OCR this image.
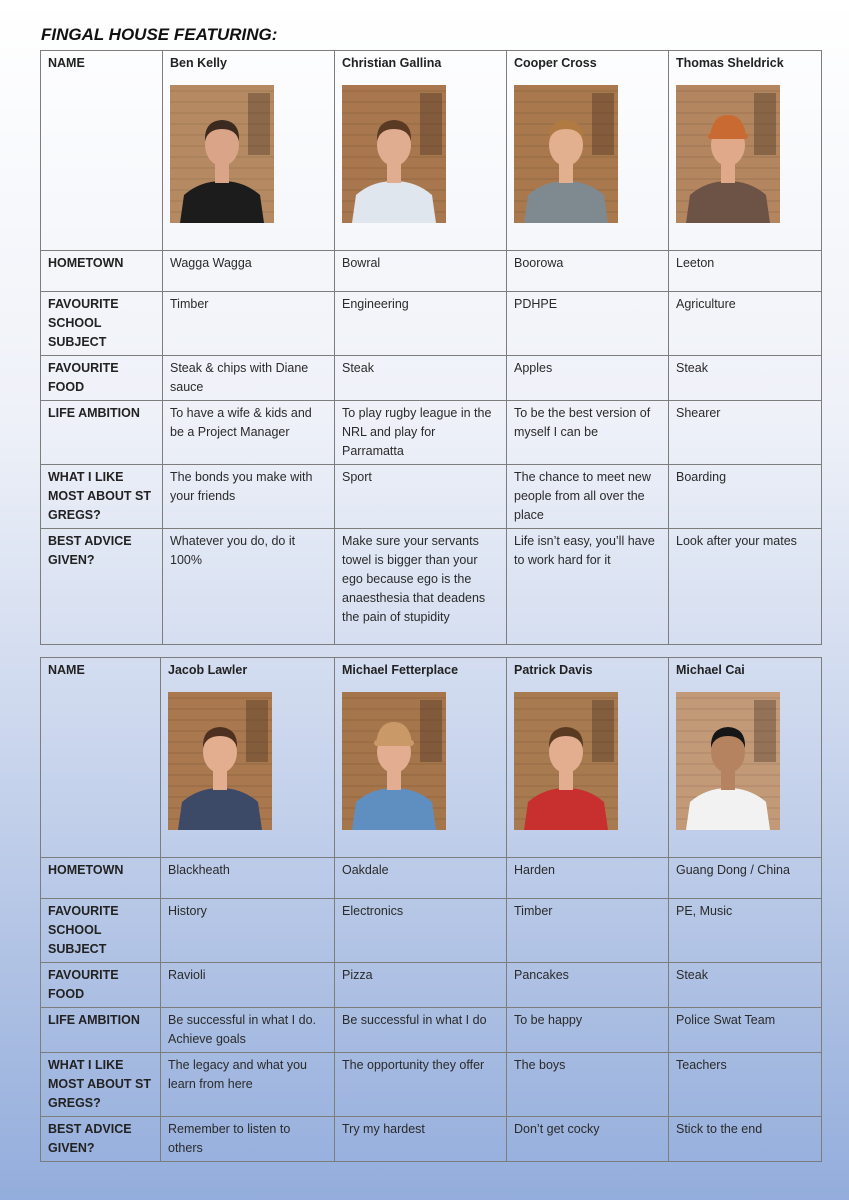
FINGAL HOUSE FEATURING:
NAME	Ben Kelly	Christian Gallina	Cooper Cross	Thomas Sheldrick

HOMETOWN	Wagga Wagga	Bowral	Boorowa	Leeton
FAVOURITE SCHOOL SUBJECT	Timber	Engineering	PDHPE	Agriculture
FAVOURITE FOOD	Steak & chips with Diane sauce	Steak	Apples	Steak
LIFE AMBITION	To have a wife & kids and be a Project Manager	To play rugby league in the NRL and play for Parramatta	To be the best version of myself I can be	Shearer
WHAT I LIKE MOST ABOUT ST GREGS?	The bonds you make with your friends	Sport	The chance to meet new people from all over the place	Boarding
BEST ADVICE GIVEN?	Whatever you do, do it 100%	Make sure your servants towel is bigger than your ego because ego is the anaesthesia that deadens the pain of stupidity	Life isn’t easy, you’ll have to work hard for it	Look after your mates
NAME	Jacob Lawler	Michael Fetterplace	Patrick Davis	Michael Cai

HOMETOWN	Blackheath	Oakdale	Harden	Guang Dong / China
FAVOURITE SCHOOL SUBJECT	History	Electronics	Timber	PE, Music
FAVOURITE FOOD	Ravioli	Pizza	Pancakes	Steak
LIFE AMBITION	Be successful in what I do. Achieve goals	Be successful in what I do	To be happy	Police Swat Team
WHAT I LIKE MOST ABOUT ST GREGS?	The legacy and what you learn from here	The opportunity they offer	The boys	Teachers
BEST ADVICE GIVEN?	Remember to listen to others	Try my hardest	Don’t get cocky	Stick to the end
